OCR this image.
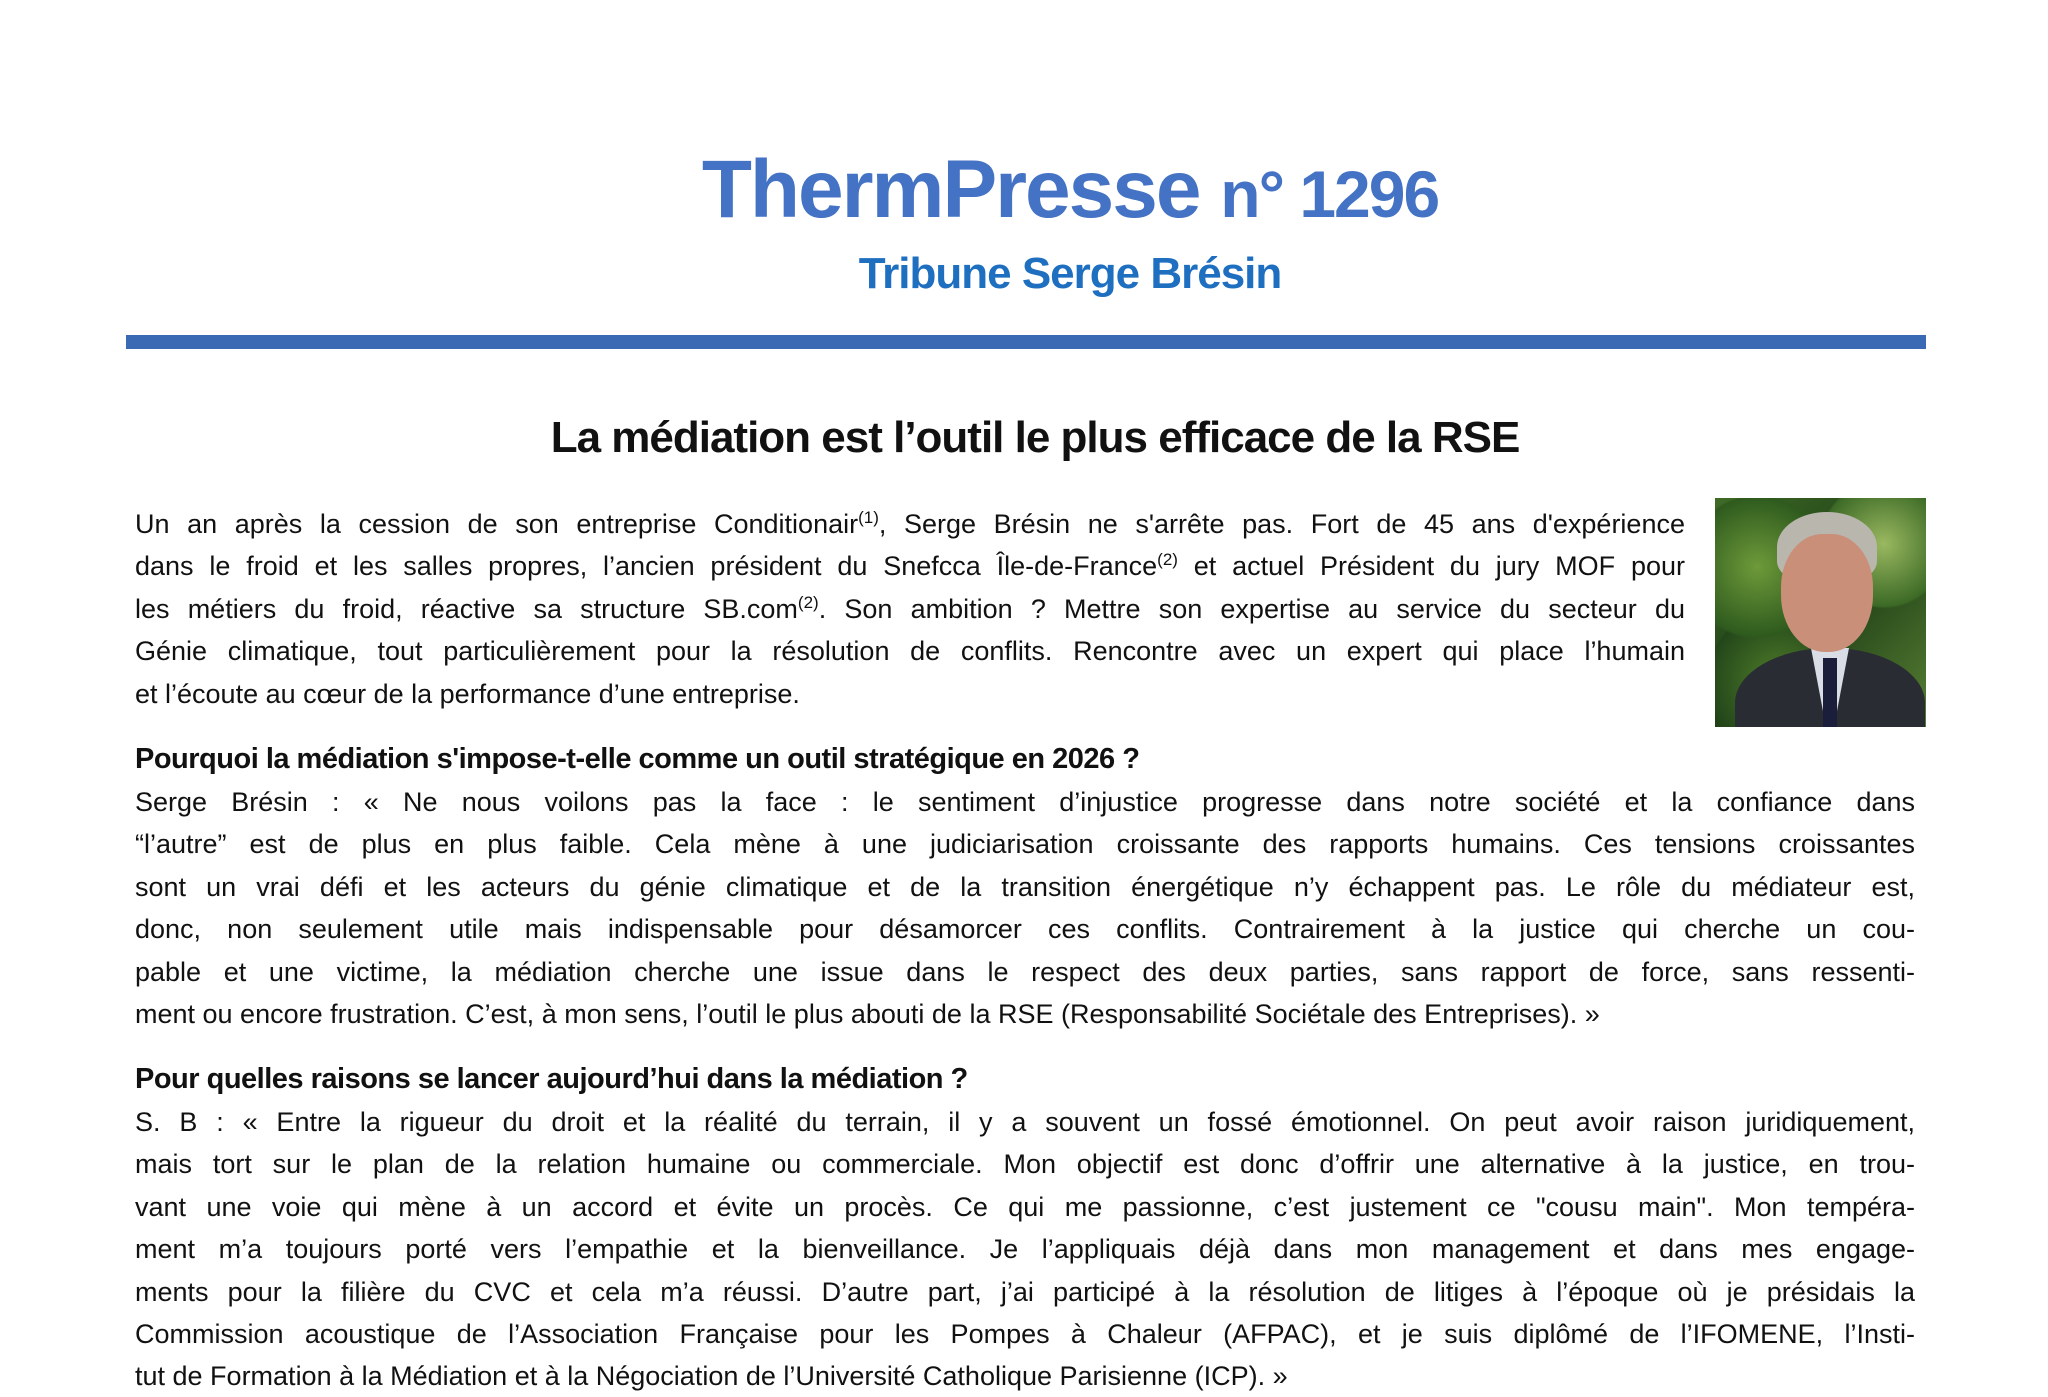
ThermPresse n° 1296
Tribune Serge Brésin
La médiation est l’outil le plus efficace de la RSE
Un an après la cession de son entreprise Conditionair$^{(1)}$, Serge Brésin ne s'arrête pas. Fort de 45 ans d'expérience
dans le froid et les salles propres, l’ancien président du Snefcca Île-de-France$^{(2)}$ et actuel Président du jury MOF pour
les métiers du froid, réactive sa structure SB.com$^{(2)}$. Son ambition ? Mettre son expertise au service du secteur du
Génie climatique, tout particulièrement pour la résolution de conflits. Rencontre avec un expert qui place l’humain
et l’écoute au cœur de la performance d’une entreprise.
Pourquoi la médiation s'impose-t-elle comme un outil stratégique en 2026 ?
Serge Brésin : « Ne nous voilons pas la face : le sentiment d’injustice progresse dans notre société et la confiance dans
“l’autre” est de plus en plus faible. Cela mène à une judiciarisation croissante des rapports humains. Ces tensions croissantes
sont un vrai défi et les acteurs du génie climatique et de la transition énergétique n’y échappent pas. Le rôle du médiateur est,
donc, non seulement utile mais indispensable pour désamorcer ces conflits. Contrairement à la justice qui cherche un cou-
pable et une victime, la médiation cherche une issue dans le respect des deux parties, sans rapport de force, sans ressenti-
ment ou encore frustration. C’est, à mon sens, l’outil le plus abouti de la RSE (Responsabilité Sociétale des Entreprises). »
Pour quelles raisons se lancer aujourd’hui dans la médiation ?
S. B : « Entre la rigueur du droit et la réalité du terrain, il y a souvent un fossé émotionnel. On peut avoir raison juridiquement,
mais tort sur le plan de la relation humaine ou commerciale. Mon objectif est donc d’offrir une alternative à la justice, en trou-
vant une voie qui mène à un accord et évite un procès. Ce qui me passionne, c’est justement ce "cousu main". Mon tempéra-
ment m’a toujours porté vers l’empathie et la bienveillance. Je l’appliquais déjà dans mon management et dans mes engage-
ments pour la filière du CVC et cela m’a réussi. D’autre part, j’ai participé à la résolution de litiges à l’époque où je présidais la
Commission acoustique de l’Association Française pour les Pompes à Chaleur (AFPAC), et je suis diplômé de l’IFOMENE, l’Insti-
tut de Formation à la Médiation et à la Négociation de l’Université Catholique Parisienne (ICP). »
